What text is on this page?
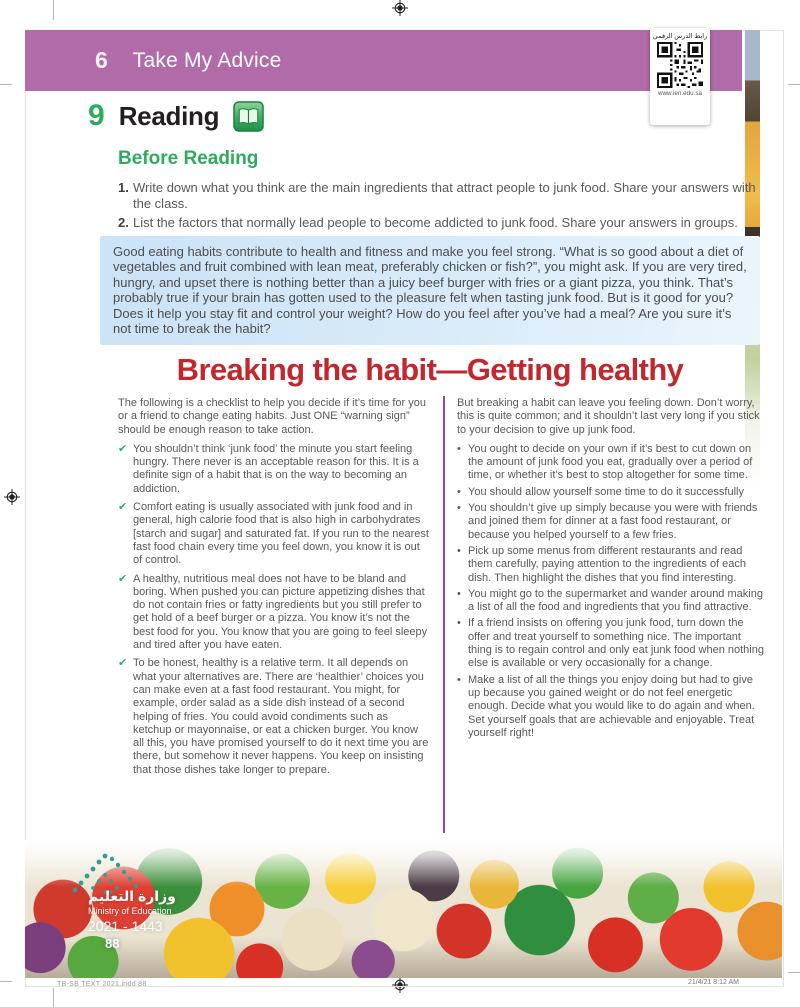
6 Take My Advice
رابط الدرس الرقمي
www.ien.edu.sa
9 Reading
Before Reading
1. Write down what you think are the main ingredients that attract people to junk food. Share your answers with the class.
2. List the factors that normally lead people to become addicted to junk food. Share your answers in groups.
Good eating habits contribute to health and fitness and make you feel strong. “What is so good about a diet of vegetables and fruit combined with lean meat, preferably chicken or fish?”, you might ask. If you are very tired, hungry, and upset there is nothing better than a juicy beef burger with fries or a giant pizza, you think. That’s probably true if your brain has gotten used to the pleasure felt when tasting junk food. But is it good for you? Does it help you stay fit and control your weight? How do you feel after you’ve had a meal? Are you sure it’s not time to break the habit?
Breaking the habit—Getting healthy

The following is a checklist to help you decide if it’s time for you or a friend to change eating habits. Just ONE “warning sign” should be enough reason to take action.

✔ You shouldn’t think ‘junk food’ the minute you start feeling hungry. There never is an acceptable reason for this. It is a definite sign of a habit that is on the way to becoming an addiction.
✔ Comfort eating is usually associated with junk food and in general, high calorie food that is also high in carbohydrates [starch and sugar] and saturated fat. If you run to the nearest fast food chain every time you feel down, you know it is out of control.
✔ A healthy, nutritious meal does not have to be bland and boring. When pushed you can picture appetizing dishes that do not contain fries or fatty ingredients but you still prefer to get hold of a beef burger or a pizza. You know it’s not the best food for you. You know that you are going to feel sleepy and tired after you have eaten.
✔ To be honest, healthy is a relative term. It all depends on what your alternatives are. There are ‘healthier’ choices you can make even at a fast food restaurant. You might, for example, order salad as a side dish instead of a second helping of fries. You could avoid condiments such as ketchup or mayonnaise, or eat a chicken burger. You know all this, you have promised yourself to do it next time you are there, but somehow it never happens. You keep on insisting that those dishes take longer to prepare.

But breaking a habit can leave you feeling down. Don’t worry, this is quite common; and it shouldn’t last very long if you stick to your decision to give up junk food.

• You ought to decide on your own if it’s best to cut down on the amount of junk food you eat, gradually over a period of time, or whether it’s best to stop altogether for some time.
• You should allow yourself some time to do it successfully
• You shouldn’t give up simply because you were with friends and joined them for dinner at a fast food restaurant, or because you helped yourself to a few fries.
• Pick up some menus from different restaurants and read them carefully, paying attention to the ingredients of each dish. Then highlight the dishes that you find interesting.
• You might go to the supermarket and wander around making a list of all the food and ingredients that you find attractive.
• If a friend insists on offering you junk food, turn down the offer and treat yourself to something nice. The important thing is to regain control and only eat junk food when nothing else is available or very occasionally for a change.
• Make a list of all the things you enjoy doing but had to give up because you gained weight or do not feel energetic enough. Decide what you would like to do again and when. Set yourself goals that are achievable and enjoyable. Treat yourself right!
وزارة التعليم
Ministry of Education
2021 - 1443
88
TB-SB TEXT 2021.indd 88	21/4/21 8:12 AM
